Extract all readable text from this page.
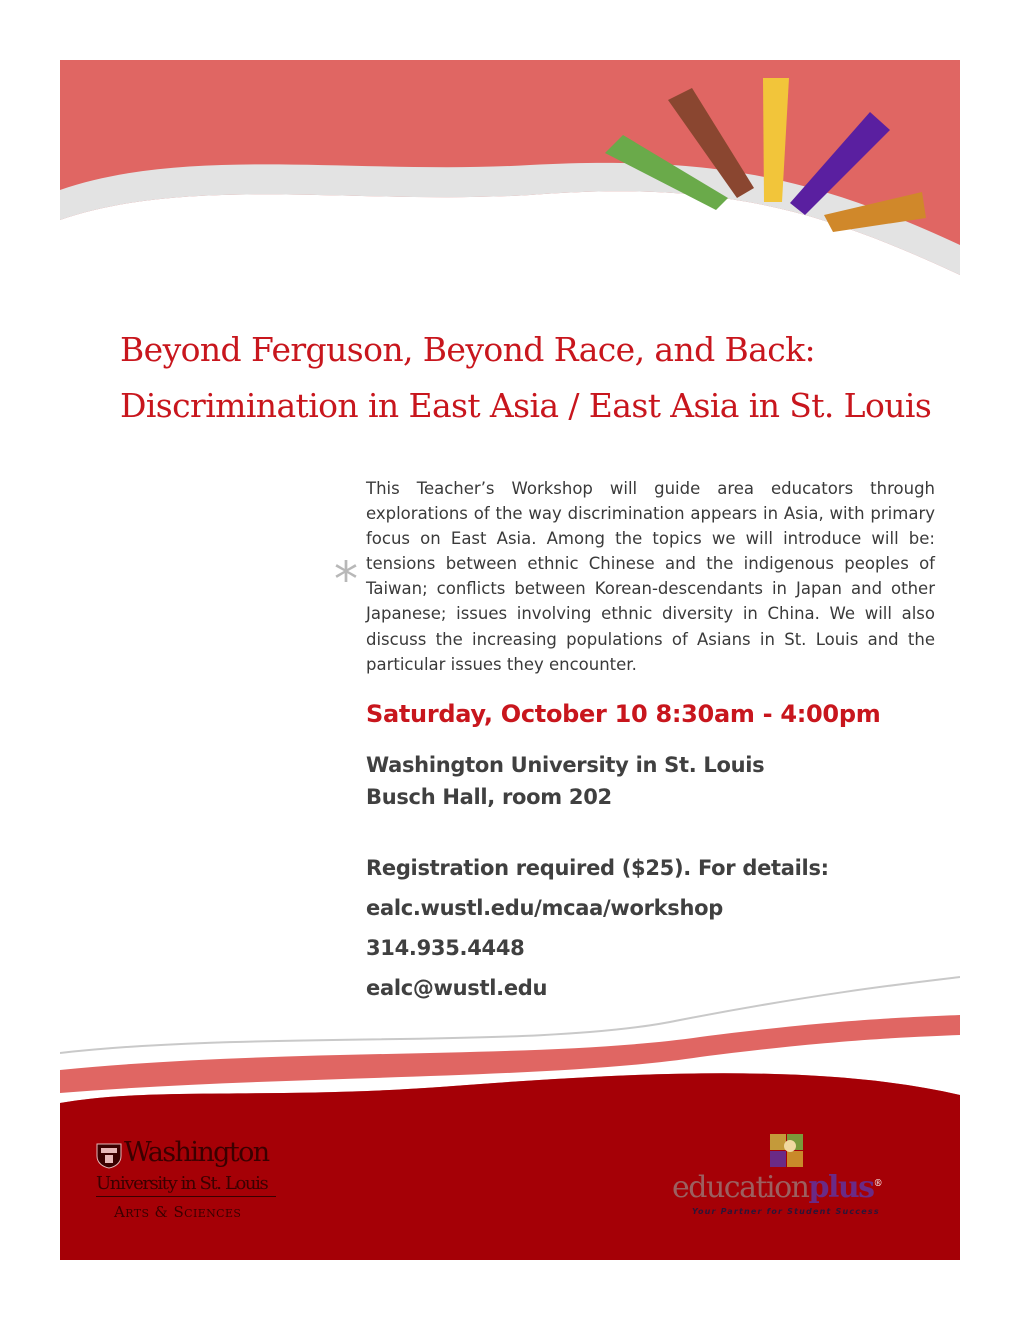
Beyond Ferguson, Beyond Race, and Back:
Discrimination in East Asia / East Asia in St. Louis
*

This Teacher’s Workshop will guide area educators through explorations of the way discrimination appears in Asia, with primary focus on East Asia. Among the topics we will introduce will be: tensions between ethnic Chinese and the indigenous peoples of Taiwan; conflicts between Korean-descendants in Japan and other Japanese; issues involving ethnic diversity in China. We will also discuss the increasing populations of Asians in St. Louis and the particular issues they encounter.

Saturday, October 10 8:30am - 4:00pm
Washington University in St. Louis
Busch Hall, room 202
Registration required ($25). For details:
ealc.wustl.edu/mcaa/workshop
314.935.4448
ealc@wustl.edu
Washington
University in St. Louis
Arts & Sciences
educationplus®
Your Partner for Student Success
